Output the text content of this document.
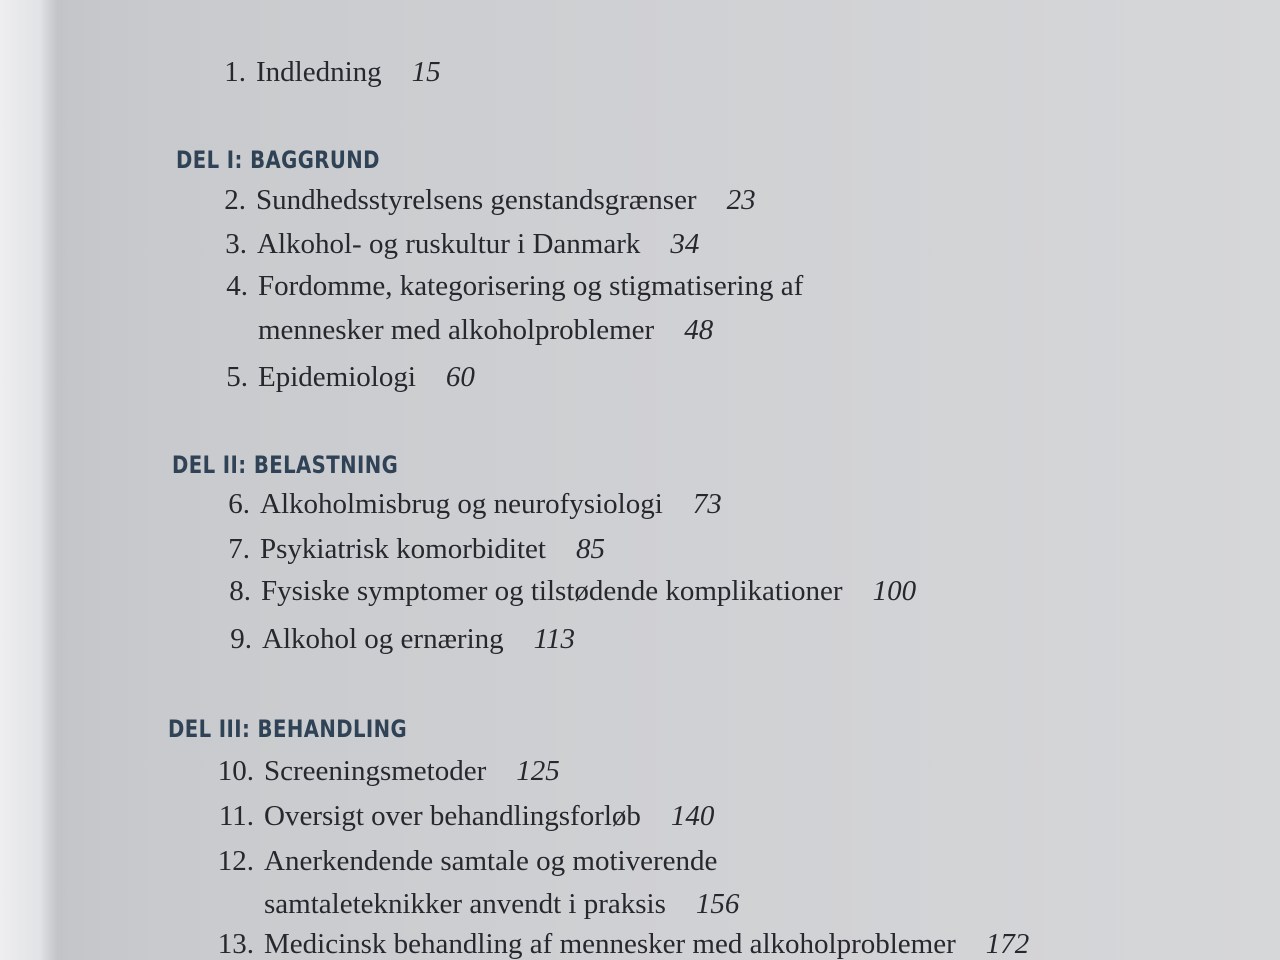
1. Indledning 15
DEL I: BAGGRUND
2. Sundhedsstyrelsens genstandsgrænser 23
3. Alkohol- og ruskultur i Danmark 34
4. Fordomme, kategorisering og stigmatisering af
mennesker med alkoholproblemer 48
5. Epidemiologi 60
DEL II: BELASTNING
6. Alkoholmisbrug og neurofysiologi 73
7. Psykiatrisk komorbiditet 85
8. Fysiske symptomer og tilstødende komplikationer 100
9. Alkohol og ernæring 113
DEL III: BEHANDLING
10. Screeningsmetoder 125
11. Oversigt over behandlingsforløb 140
12. Anerkendende samtale og motiverende
samtaleteknikker anvendt i praksis 156
13. Medicinsk behandling af mennesker med alkoholproblemer 172
